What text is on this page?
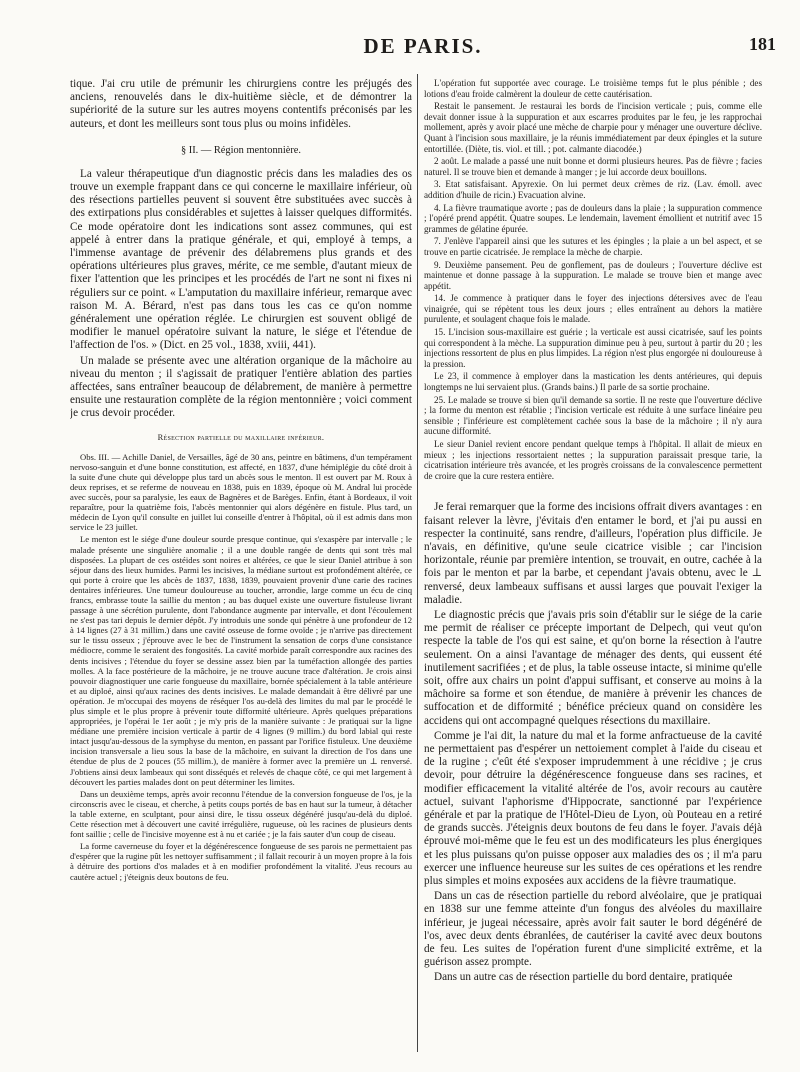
DE PARIS.	181

tique. J'ai cru utile de prémunir les chirurgiens contre les préjugés des anciens, renouvelés dans le dix-huitième siècle, et de démontrer la supériorité de la suture sur les autres moyens contentifs préconisés par les auteurs, et dont les meilleurs sont tous plus ou moins infidèles.

§ II. — Région mentonnière.

La valeur thérapeutique d'un diagnostic précis dans les maladies des os trouve un exemple frappant dans ce qui concerne le maxillaire inférieur, où des résections partielles peuvent si souvent être substituées avec succès à des extirpations plus considérables et sujettes à laisser quelques difformités. Ce mode opératoire dont les indications sont assez communes, qui est appelé à entrer dans la pratique générale, et qui, employé à temps, a l'immense avantage de prévenir des délabremens plus grands et des opérations ultérieures plus graves, mérite, ce me semble, d'autant mieux de fixer l'attention que les principes et les procédés de l'art ne sont ni fixes ni réguliers sur ce point. « L'amputation du maxillaire inférieur, remarque avec raison M. A. Bérard, n'est pas dans tous les cas ce qu'on nomme généralement une opération réglée. Le chirurgien est souvent obligé de modifier le manuel opératoire suivant la nature, le siége et l'étendue de l'affection de l'os. » (Dict. en 25 vol., 1838, xviii, 441).

Un malade se présente avec une altération organique de la mâchoire au niveau du menton ; il s'agissait de pratiquer l'entière ablation des parties affectées, sans entraîner beaucoup de délabrement, de manière à permettre ensuite une restauration complète de la région mentonnière ; voici comment je crus devoir procéder.

Résection partielle du maxillaire inférieur.

Obs. III. — Achille Daniel, de Versailles, âgé de 30 ans, peintre en bâtimens, d'un tempérament nervoso-sanguin et d'une bonne constitution, est affecté, en 1837, d'une hémiplégie du côté droit à la suite d'une chute qui développe plus tard un abcès sous le menton. Il est ouvert par M. Roux à deux reprises, et se referme de nouveau en 1838, puis en 1839, époque où M. Andral lui procède avec succès, pour sa paralysie, les eaux de Bagnères et de Barèges. Enfin, étant à Bordeaux, il voit reparaître, pour la quatrième fois, l'abcès mentonnier qui alors dégénère en fistule. Plus tard, un médecin de Lyon qu'il consulte en juillet lui conseille d'entrer à l'hôpital, où il est admis dans mon service le 23 juillet.

Le menton est le siége d'une douleur sourde presque continue, qui s'exaspère par intervalle ; le malade présente une singulière anomalie ; il a une double rangée de dents qui sont très mal disposées. La plupart de ces ostéides sont noires et altérées, ce que le sieur Daniel attribue à son séjour dans des lieux humides. Parmi les incisives, la médiane surtout est profondément altérée, ce qui porte à croire que les abcès de 1837, 1838, 1839, pouvaient provenir d'une carie des racines dentaires inférieures. Une tumeur douloureuse au toucher, arrondie, large comme un écu de cinq francs, embrasse toute la saillie du menton ; au bas duquel existe une ouverture fistuleuse livrant passage à une sécrétion purulente, dont l'abondance augmente par intervalle, et dont l'écoulement ne s'est pas tari depuis le dernier dépôt. J'y introduis une sonde qui pénètre à une profondeur de 12 à 14 lignes (27 à 31 millim.) dans une cavité osseuse de forme ovoïde ; je n'arrive pas directement sur le tissu osseux ; j'éprouve avec le bec de l'instrument la sensation de corps d'une consistance médiocre, comme le seraient des fongosités. La cavité morbide paraît correspondre aux racines des dents incisives ; l'étendue du foyer se dessine assez bien par la tuméfaction allongée des parties molles. A la face postérieure de la mâchoire, je ne trouve aucune trace d'altération. Je crois ainsi pouvoir diagnostiquer une carie fongueuse du maxillaire, bornée spécialement à la table antérieure et au diploé, ainsi qu'aux racines des dents incisives. Le malade demandait à être délivré par une opération. Je m'occupai des moyens de réséquer l'os au-delà des limites du mal par le procédé le plus simple et le plus propre à prévenir toute difformité ultérieure. Après quelques préparations appropriées, je l'opérai le 1er août ; je m'y pris de la manière suivante : Je pratiquai sur la ligne médiane une première incision verticale à partir de 4 lignes (9 millim.) du bord labial qui reste intact jusqu'au-dessous de la symphyse du menton, en passant par l'orifice fistuleux. Une deuxième incision transversale a lieu sous la base de la mâchoire, en suivant la direction de l'os dans une étendue de plus de 2 pouces (55 millim.), de manière à former avec la première un ⊥ renversé. J'obtiens ainsi deux lambeaux qui sont disséqués et relevés de chaque côté, ce qui met largement à découvert les parties malades dont on peut déterminer les limites.

Dans un deuxième temps, après avoir reconnu l'étendue de la conversion fongueuse de l'os, je la circonscris avec le ciseau, et cherche, à petits coups portés de bas en haut sur la tumeur, à détacher la table externe, en sculptant, pour ainsi dire, le tissu osseux dégénéré jusqu'au-delà du diploé. Cette résection met à découvert une cavité irrégulière, rugueuse, où les racines de plusieurs dents font saillie ; celle de l'incisive moyenne est à nu et cariée ; je la fais sauter d'un coup de ciseau.

La forme caverneuse du foyer et la dégénérescence fongueuse de ses parois ne permettaient pas d'espérer que la rugine pût les nettoyer suffisamment ; il fallait recourir à un moyen propre à la fois à détruire des portions d'os malades et à en modifier profondément la vitalité. J'eus recours au cautère actuel ; j'éteignis deux boutons de feu.

L'opération fut supportée avec courage. Le troisième temps fut le plus pénible ; des lotions d'eau froide calmèrent la douleur de cette cautérisation.

Restait le pansement. Je restaurai les bords de l'incision verticale ; puis, comme elle devait donner issue à la suppuration et aux escarres produites par le feu, je les rapprochai mollement, après y avoir placé une mèche de charpie pour y ménager une ouverture déclive. Quant à l'incision sous maxillaire, je la réunis immédiatement par deux épingles et la suture entortillée. (Diète, tis. viol. et till. ; pot. calmante diacodée.)

2 août. Le malade a passé une nuit bonne et dormi plusieurs heures. Pas de fièvre ; facies naturel. Il se trouve bien et demande à manger ; je lui accorde deux bouillons.

3. Etat satisfaisant. Apyrexie. On lui permet deux crèmes de riz. (Lav. émoll. avec addition d'huile de ricin.) Evacuation alvine.

4. La fièvre traumatique avorte ; pas de douleurs dans la plaie ; la suppuration commence ; l'opéré prend appétit. Quatre soupes. Le lendemain, lavement émollient et nutritif avec 15 grammes de gélatine épurée.

7. J'enlève l'appareil ainsi que les sutures et les épingles ; la plaie a un bel aspect, et se trouve en partie cicatrisée. Je remplace la mèche de charpie.

9. Deuxième pansement. Peu de gonflement, pas de douleurs ; l'ouverture déclive est maintenue et donne passage à la suppuration. Le malade se trouve bien et mange avec appétit.

14. Je commence à pratiquer dans le foyer des injections détersives avec de l'eau vinaigrée, qui se répètent tous les deux jours ; elles entraînent au dehors la matière purulente, et soulagent chaque fois le malade.

15. L'incision sous-maxillaire est guérie ; la verticale est aussi cicatrisée, sauf les points qui correspondent à la mèche. La suppuration diminue peu à peu, surtout à partir du 20 ; les injections ressortent de plus en plus limpides. La région n'est plus engorgée ni douloureuse à la pression.

Le 23, il commence à employer dans la mastication les dents antérieures, qui depuis longtemps ne lui servaient plus. (Grands bains.) Il parle de sa sortie prochaine.

25. Le malade se trouve si bien qu'il demande sa sortie. Il ne reste que l'ouverture déclive ; la forme du menton est rétablie ; l'incision verticale est réduite à une surface linéaire peu sensible ; l'inférieure est complètement cachée sous la base de la mâchoire ; il n'y aura aucune difformité.

Le sieur Daniel revient encore pendant quelque temps à l'hôpital. Il allait de mieux en mieux ; les injections ressortaient nettes ; la suppuration paraissait presque tarie, la cicatrisation intérieure très avancée, et les progrès croissans de la convalescence permettent de croire que la cure restera entière.

Je ferai remarquer que la forme des incisions offrait divers avantages : en faisant relever la lèvre, j'évitais d'en entamer le bord, et j'ai pu aussi en respecter la continuité, sans rendre, d'ailleurs, l'opération plus difficile. Je n'avais, en définitive, qu'une seule cicatrice visible ; car l'incision horizontale, réunie par première intention, se trouvait, en outre, cachée à la fois par le menton et par la barbe, et cependant j'avais obtenu, avec le ⊥ renversé, deux lambeaux suffisans et aussi larges que pouvait l'exiger la maladie.

Le diagnostic précis que j'avais pris soin d'établir sur le siége de la carie me permit de réaliser ce précepte important de Delpech, qui veut qu'on respecte la table de l'os qui est saine, et qu'on borne la résection à l'autre seulement. On a ainsi l'avantage de ménager des dents, qui eussent été inutilement sacrifiées ; et de plus, la table osseuse intacte, si minime qu'elle soit, offre aux chairs un point d'appui suffisant, et conserve au moins à la mâchoire sa forme et son étendue, de manière à prévenir les chances de suffocation et de difformité ; bénéfice précieux quand on considère les accidens qui ont accompagné quelques résections du maxillaire.

Comme je l'ai dit, la nature du mal et la forme anfractueuse de la cavité ne permettaient pas d'espérer un nettoiement complet à l'aide du ciseau et de la rugine ; c'eût été s'exposer imprudemment à une récidive ; je crus devoir, pour détruire la dégénérescence fongueuse dans ses racines, et modifier efficacement la vitalité altérée de l'os, avoir recours au cautère actuel, suivant l'aphorisme d'Hippocrate, sanctionné par l'expérience générale et par la pratique de l'Hôtel-Dieu de Lyon, où Pouteau en a retiré de grands succès. J'éteignis deux boutons de feu dans le foyer. J'avais déjà éprouvé moi-même que le feu est un des modificateurs les plus énergiques et les plus puissans qu'on puisse opposer aux maladies des os ; il m'a paru exercer une influence heureuse sur les suites de ces opérations et les rendre plus simples et moins exposées aux accidens de la fièvre traumatique.

Dans un cas de résection partielle du rebord alvéolaire, que je pratiquai en 1838 sur une femme atteinte d'un fongus des alvéoles du maxillaire inférieur, je jugeai nécessaire, après avoir fait sauter le bord dégénéré de l'os, avec deux dents ébranlées, de cautériser la cavité avec deux boutons de feu. Les suites de l'opération furent d'une simplicité extrême, et la guérison assez prompte.

Dans un autre cas de résection partielle du bord dentaire, pratiquée
